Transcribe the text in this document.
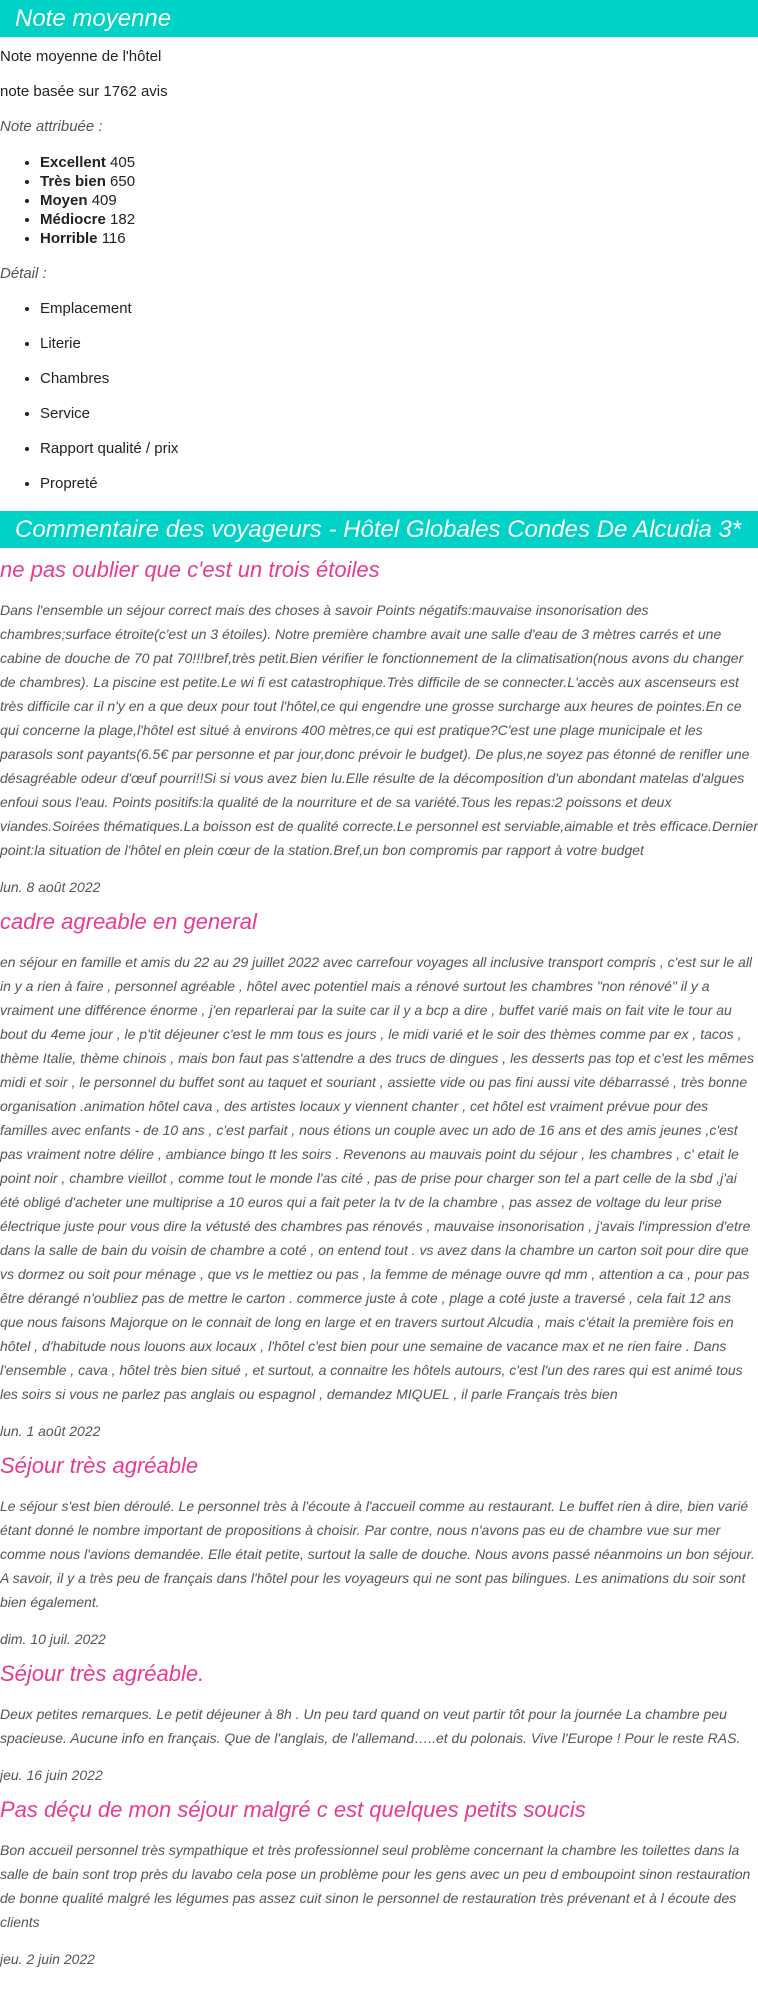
Note moyenne

Note moyenne de l'hôtel

note basée sur 1762 avis

Note attribuée :

• Excellent 405
• Très bien 650
• Moyen 409
• Médiocre 182
• Horrible 116

Détail :

• Emplacement
• Literie
• Chambres
• Service
• Rapport qualité / prix
• Propreté
Commentaire des voyageurs - Hôtel Globales Condes De Alcudia 3*
ne pas oublier que c'est un trois étoiles

Dans l'ensemble un séjour correct mais des choses à savoir Points négatifs:mauvaise insonorisation des chambres;surface étroite(c'est un 3 étoiles). Notre première chambre avait une salle d'eau de 3 mètres carrés et une cabine de douche de 70 pat 70!!!bref,très petit.Bien vérifier le fonctionnement de la climatisation(nous avons du changer de chambres). La piscine est petite.Le wi fi est catastrophique.Très difficile de se connecter.L'accès aux ascenseurs est très difficile car il n'y en a que deux pour tout l'hôtel,ce qui engendre une grosse surcharge aux heures de pointes.En ce qui concerne la plage,l'hôtel est situé à environs 400 mètres,ce qui est pratique?C'est une plage municipale et les parasols sont payants(6.5€ par personne et par jour,donc prévoir le budget). De plus,ne soyez pas étonné de renifler une désagréable odeur d'œuf pourri!!Si si vous avez bien lu.Elle résulte de la décomposition d'un abondant matelas d'algues enfoui sous l'eau. Points positifs:la qualité de la nourriture et de sa variété.Tous les repas:2 poissons et deux viandes.Soirées thématiques.La boisson est de qualité correcte.Le personnel est serviable,aimable et très efficace.Dernier point:la situation de l'hôtel en plein cœur de la station.Bref,un bon compromis par rapport à votre budget

lun. 8 août 2022

cadre agreable en general

en séjour en famille et amis du 22 au 29 juillet 2022 avec carrefour voyages all inclusive transport compris , c'est sur le all in y a rien à faire , personnel agréable , hôtel avec potentiel mais a rénové surtout les chambres "non rénové" il y a vraiment une différence énorme , j'en reparlerai par la suite car il y a bcp a dire , buffet varié mais on fait vite le tour au bout du 4eme jour , le p'tit déjeuner c'est le mm tous es jours , le midi varié et le soir des thèmes comme par ex , tacos , thème Italie, thème chinois , mais bon faut pas s'attendre a des trucs de dingues , les desserts pas top et c'est les mêmes midi et soir , le personnel du buffet sont au taquet et souriant , assiette vide ou pas fini aussi vite débarrassé , très bonne organisation .animation hôtel cava , des artistes locaux y viennent chanter , cet hôtel est vraiment prévue pour des familles avec enfants - de 10 ans , c'est parfait , nous étions un couple avec un ado de 16 ans et des amis jeunes ,c'est pas vraiment notre délire , ambiance bingo tt les soirs . Revenons au mauvais point du séjour , les chambres , c' etait le point noir , chambre vieillot , comme tout le monde l'as cité , pas de prise pour charger son tel a part celle de la sbd ,j'ai été obligé d'acheter une multiprise a 10 euros qui a fait peter la tv de la chambre , pas assez de voltage du leur prise électrique juste pour vous dire la vétusté des chambres pas rénovés , mauvaise insonorisation , j'avais l'impression d'etre dans la salle de bain du voisin de chambre a coté , on entend tout . vs avez dans la chambre un carton soit pour dire que vs dormez ou soit pour ménage , que vs le mettiez ou pas , la femme de ménage ouvre qd mm , attention a ca , pour pas être dérangé n'oubliez pas de mettre le carton . commerce juste à cote , plage a coté juste a traversé , cela fait 12 ans que nous faisons Majorque on le connait de long en large et en travers surtout Alcudia , mais c'était la première fois en hôtel , d'habitude nous louons aux locaux , l'hôtel c'est bien pour une semaine de vacance max et ne rien faire . Dans l'ensemble , cava , hôtel très bien situé , et surtout, a connaitre les hôtels autours, c'est l'un des rares qui est animé tous les soirs si vous ne parlez pas anglais ou espagnol , demandez MIQUEL , il parle Français très bien

lun. 1 août 2022

Séjour très agréable

Le séjour s'est bien déroulé. Le personnel très à l'écoute à l'accueil comme au restaurant. Le buffet rien à dire, bien varié étant donné le nombre important de propositions à choisir. Par contre, nous n'avons pas eu de chambre vue sur mer comme nous l'avions demandée. Elle était petite, surtout la salle de douche. Nous avons passé néanmoins un bon séjour. A savoir, il y a très peu de français dans l'hôtel pour les voyageurs qui ne sont pas bilingues. Les animations du soir sont bien également.

dim. 10 juil. 2022

Séjour très agréable.

Deux petites remarques. Le petit déjeuner à 8h . Un peu tard quand on veut partir tôt pour la journée La chambre peu spacieuse. Aucune info en français. Que de l'anglais, de l'allemand…..et du polonais. Vive l'Europe ! Pour le reste RAS.

jeu. 16 juin 2022

Pas déçu de mon séjour malgré c est quelques petits soucis

Bon accueil personnel très sympathique et très professionnel seul problème concernant la chambre les toilettes dans la salle de bain sont trop près du lavabo cela pose un problème pour les gens avec un peu d emboupoint sinon restauration de bonne qualité malgré les légumes pas assez cuit sinon le personnel de restauration très prévenant et à l écoute des clients

jeu. 2 juin 2022
